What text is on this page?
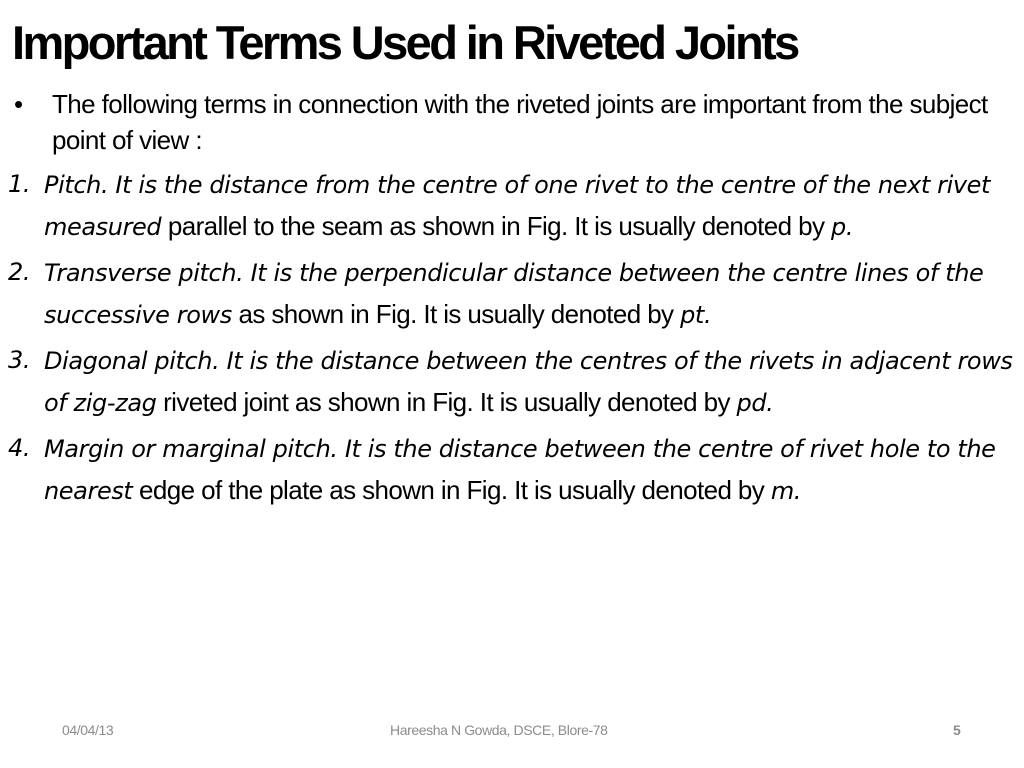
Important Terms Used in Riveted Joints
• The following terms in connection with the riveted joints are important from the subject point of view :
1. Pitch. It is the distance from the centre of one rivet to the centre of the next rivet measured parallel to the seam as shown in Fig. It is usually denoted by p.
2. Transverse pitch. It is the perpendicular distance between the centre lines of the successive rows as shown in Fig. It is usually denoted by pt.
3. Diagonal pitch. It is the distance between the centres of the rivets in adjacent rows of zig-zag riveted joint as shown in Fig. It is usually denoted by pd.
4. Margin or marginal pitch. It is the distance between the centre of rivet hole to the nearest edge of the plate as shown in Fig. It is usually denoted by m.
04/04/13	Hareesha N Gowda, DSCE, Blore-78	5
